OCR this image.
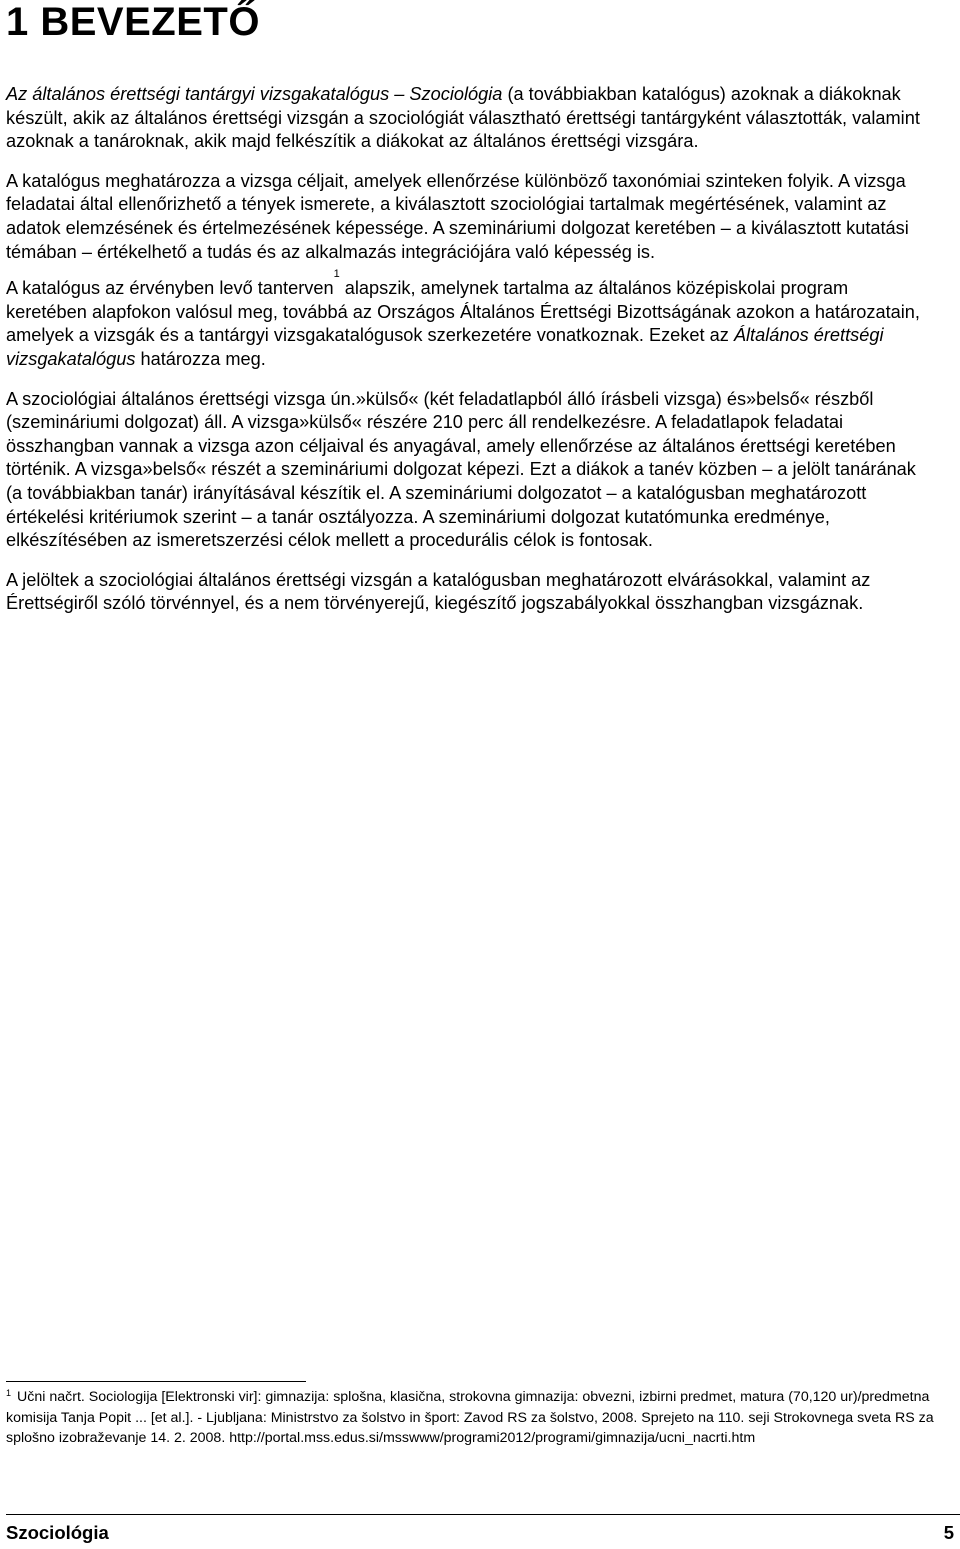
1 BEVEZETŐ

Az általános érettségi tantárgyi vizsgakatalógus – Szociológia (a továbbiakban katalógus) azoknak a diákoknak készült, akik az általános érettségi vizsgán a szociológiát választható érettségi tantárgyként választották, valamint azoknak a tanároknak, akik majd felkészítik a diákokat az általános érettségi vizsgára.

A katalógus meghatározza a vizsga céljait, amelyek ellenőrzése különböző taxonómiai szinteken folyik. A vizsga feladatai által ellenőrizhető a tények ismerete, a kiválasztott szociológiai tartalmak megértésének, valamint az adatok elemzésének és értelmezésének képessége. A szemináriumi dolgozat keretében – a kiválasztott kutatási témában – értékelhető a tudás és az alkalmazás integrációjára való képesség is.

A katalógus az érvényben levő tanterven$^1$ alapszik, amelynek tartalma az általános középiskolai program keretében alapfokon valósul meg, továbbá az Országos Általános Érettségi Bizottságának azokon a határozatain, amelyek a vizsgák és a tantárgyi vizsgakatalógusok szerkezetére vonatkoznak. Ezeket az Általános érettségi vizsgakatalógus határozza meg.

A szociológiai általános érettségi vizsga ún.»külső« (két feladatlapból álló írásbeli vizsga) és»belső« részből (szemináriumi dolgozat) áll. A vizsga»külső« részére 210 perc áll rendelkezésre. A feladatlapok feladatai összhangban vannak a vizsga azon céljaival és anyagával, amely ellenőrzése az általános érettségi keretében történik. A vizsga»belső« részét a szemináriumi dolgozat képezi. Ezt a diákok a tanév közben – a jelölt tanárának (a továbbiakban tanár) irányításával készítik el. A szemináriumi dolgozatot – a katalógusban meghatározott értékelési kritériumok szerint – a tanár osztályozza. A szemináriumi dolgozat kutatómunka eredménye, elkészítésében az ismeretszerzési célok mellett a procedurális célok is fontosak.

A jelöltek a szociológiai általános érettségi vizsgán a katalógusban meghatározott elvárásokkal, valamint az Érettségiről szóló törvénnyel, és a nem törvényerejű, kiegészítő jogszabályokkal összhangban vizsgáznak.

$^1$ Učni načrt. Sociologija [Elektronski vir]: gimnazija: splošna, klasična, strokovna gimnazija: obvezni, izbirni predmet, matura (70,120 ur)/predmetna komisija Tanja Popit ... [et al.]. - Ljubljana: Ministrstvo za šolstvo in šport: Zavod RS za šolstvo, 2008. Sprejeto na 110. seji Strokovnega sveta RS za splošno izobraževanje 14. 2. 2008. http://portal.mss.edus.si/msswww/programi2012/programi/gimnazija/ucni_nacrti.htm
Szociológia	5
